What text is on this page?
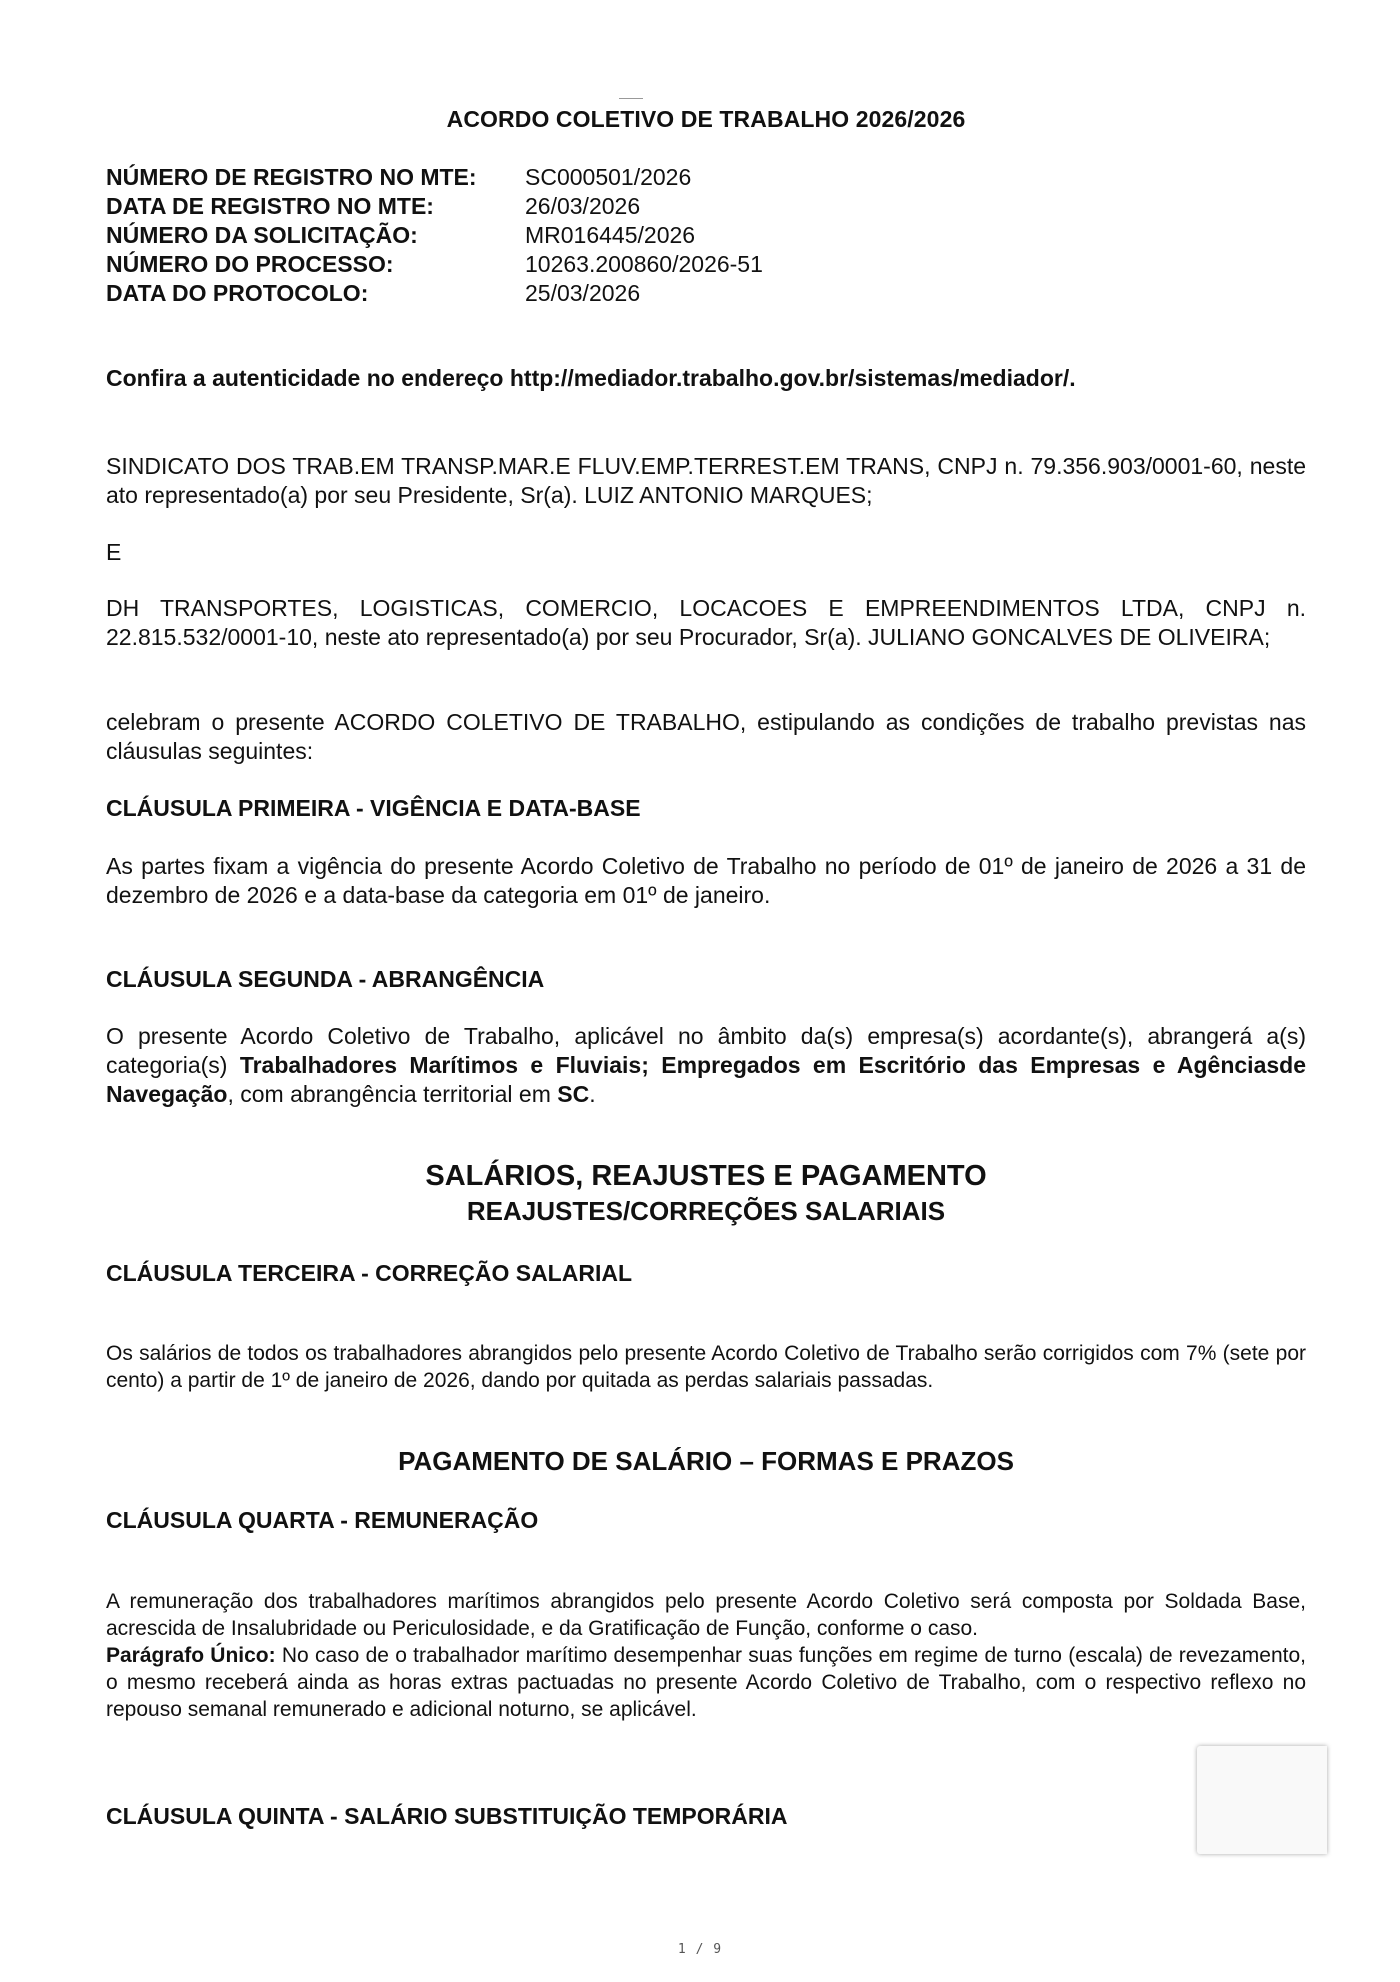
ACORDO COLETIVO DE TRABALHO 2026/2026
NÚMERO DE REGISTRO NO MTE:	SC000501/2026
DATA DE REGISTRO NO MTE:	26/03/2026
NÚMERO DA SOLICITAÇÃO:	MR016445/2026
NÚMERO DO PROCESSO:	10263.200860/2026-51
DATA DO PROTOCOLO:	25/03/2026
Confira a autenticidade no endereço http://mediador.trabalho.gov.br/sistemas/mediador/.
SINDICATO DOS TRAB.EM TRANSP.MAR.E FLUV.EMP.TERREST.EM TRANS, CNPJ n. 79.356.903/0001-60, neste ato representado(a) por seu Presidente, Sr(a). LUIZ ANTONIO MARQUES;
E
DH TRANSPORTES, LOGISTICAS, COMERCIO, LOCACOES E EMPREENDIMENTOS LTDA, CNPJ n. 22.815.532/0001-10, neste ato representado(a) por seu Procurador, Sr(a). JULIANO GONCALVES DE OLIVEIRA;
celebram o presente ACORDO COLETIVO DE TRABALHO, estipulando as condições de trabalho previstas nas cláusulas seguintes:
CLÁUSULA PRIMEIRA - VIGÊNCIA E DATA-BASE
As partes fixam a vigência do presente Acordo Coletivo de Trabalho no período de 01º de janeiro de 2026 a 31 de dezembro de 2026 e a data-base da categoria em 01º de janeiro.
CLÁUSULA SEGUNDA - ABRANGÊNCIA
O presente Acordo Coletivo de Trabalho, aplicável no âmbito da(s) empresa(s) acordante(s), abrangerá a(s) categoria(s) Trabalhadores Marítimos e Fluviais; Empregados em Escritório das Empresas e Agênciasde Navegação, com abrangência territorial em SC.
SALÁRIOS, REAJUSTES E PAGAMENTO
REAJUSTES/CORREÇÕES SALARIAIS
CLÁUSULA TERCEIRA - CORREÇÃO SALARIAL
Os salários de todos os trabalhadores abrangidos pelo presente Acordo Coletivo de Trabalho serão corrigidos com 7% (sete por cento) a partir de 1º de janeiro de 2026, dando por quitada as perdas salariais passadas.
PAGAMENTO DE SALÁRIO – FORMAS E PRAZOS
CLÁUSULA QUARTA - REMUNERAÇÃO
A remuneração dos trabalhadores marítimos abrangidos pelo presente Acordo Coletivo será composta por Soldada Base, acrescida de Insalubridade ou Periculosidade, e da Gratificação de Função, conforme o caso.
Parágrafo Único: No caso de o trabalhador marítimo desempenhar suas funções em regime de turno (escala) de revezamento, o mesmo receberá ainda as horas extras pactuadas no presente Acordo Coletivo de Trabalho, com o respectivo reflexo no repouso semanal remunerado e adicional noturno, se aplicável.
CLÁUSULA QUINTA - SALÁRIO SUBSTITUIÇÃO TEMPORÁRIA
1 / 9
